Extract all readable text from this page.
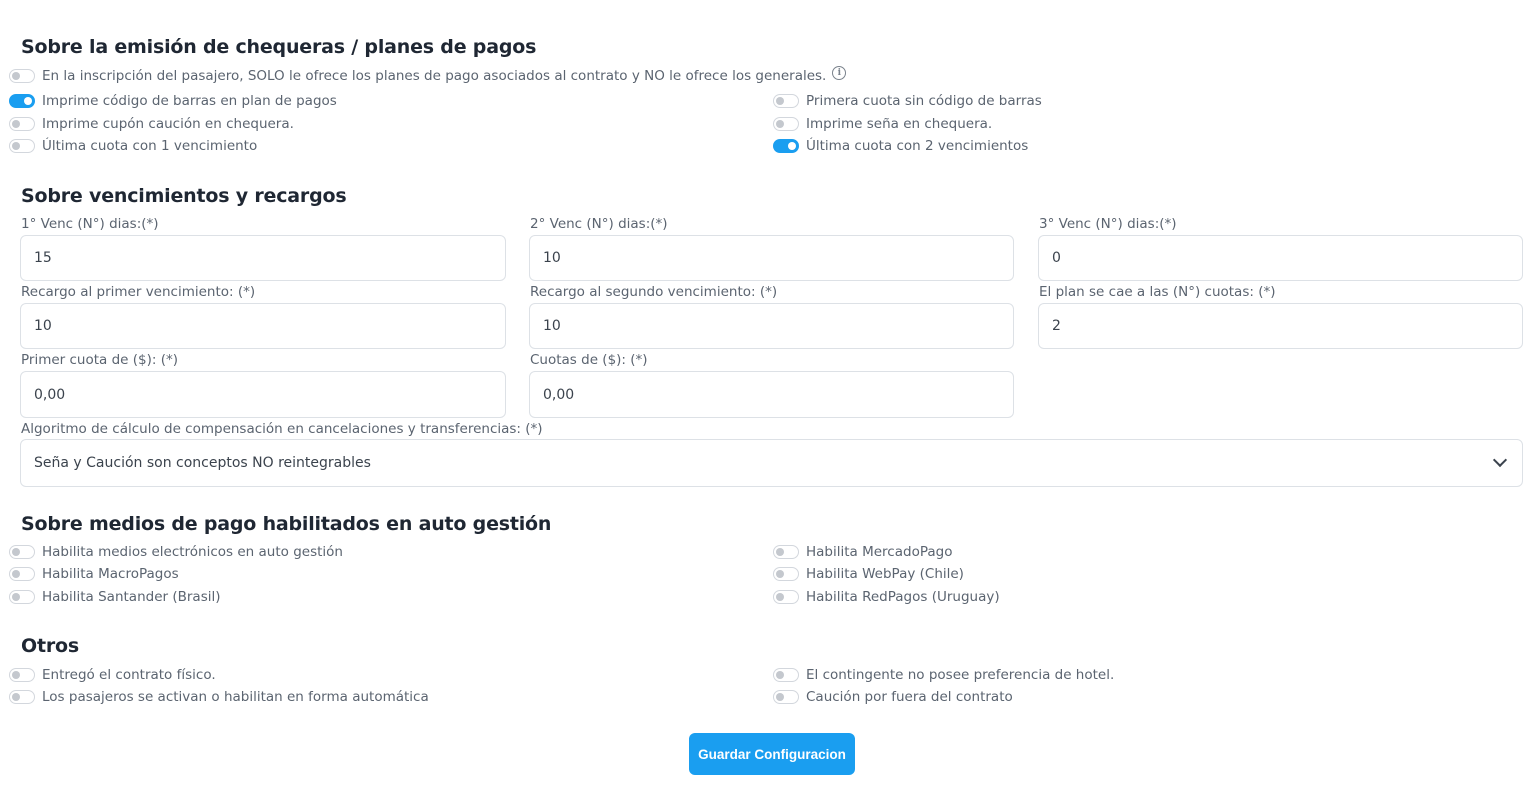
Sobre la emisión de chequeras / planes de pagos
En la inscripción del pasajero, SOLO le ofrece los planes de pago asociados al contrato y NO le ofrece los generales.	i
Imprime código de barras en plan de pagos	Primera cuota sin código de barras
Imprime cupón caución en chequera.	Imprime seña en chequera.
Última cuota con 1 vencimiento	Última cuota con 2 vencimientos
Sobre vencimientos y recargos
1° Venc (N°) dias:(*)	2° Venc (N°) dias:(*)	3° Venc (N°) dias:(*)
15	10	0
Recargo al primer vencimiento: (*)	Recargo al segundo vencimiento: (*)	El plan se cae a las (N°) cuotas: (*)
10	10	2
Primer cuota de ($): (*)	Cuotas de ($): (*)
0,00	0,00
Algoritmo de cálculo de compensación en cancelaciones y transferencias: (*)
Seña y Caución son conceptos NO reintegrables
Sobre medios de pago habilitados en auto gestión
Habilita medios electrónicos en auto gestión	Habilita MercadoPago
Habilita MacroPagos	Habilita WebPay (Chile)
Habilita Santander (Brasil)	Habilita RedPagos (Uruguay)
Otros
Entregó el contrato físico.	El contingente no posee preferencia de hotel.
Los pasajeros se activan o habilitan en forma automática	Caución por fuera del contrato
Guardar Configuracion
